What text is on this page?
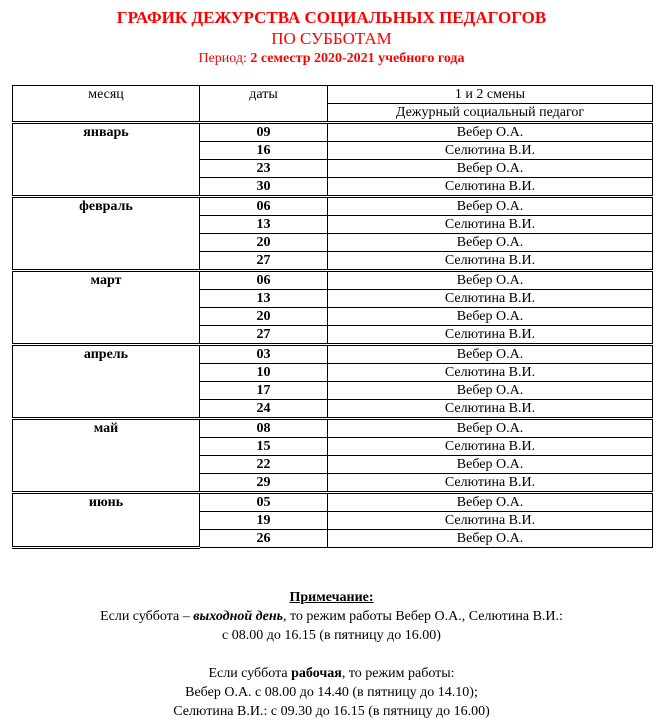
ГРАФИК ДЕЖУРСТВА СОЦИАЛЬНЫХ ПЕДАГОГОВ
ПО СУББОТАМ
Период: 2 семестр 2020-2021 учебного года
месяц	даты	1 и 2 смены
		Дежурный социальный педагог
январь	09	Вебер О.А.
	16	Селютина В.И.
	23	Вебер О.А.
	30	Селютина В.И.
февраль	06	Вебер О.А.
	13	Селютина В.И.
	20	Вебер О.А.
	27	Селютина В.И.
март	06	Вебер О.А.
	13	Селютина В.И.
	20	Вебер О.А.
	27	Селютина В.И.
апрель	03	Вебер О.А.
	10	Селютина В.И.
	17	Вебер О.А.
	24	Селютина В.И.
май	08	Вебер О.А.
	15	Селютина В.И.
	22	Вебер О.А.
	29	Селютина В.И.
июнь	05	Вебер О.А.
	19	Селютина В.И.
	26	Вебер О.А.
Примечание:
Если суббота – выходной день, то режим работы Вебер О.А., Селютина В.И.:
с 08.00 до 16.15 (в пятницу до 16.00)
Если суббота рабочая, то режим работы:
Вебер О.А. с 08.00 до 14.40 (в пятницу до 14.10);
Селютина В.И.: с 09.30 до 16.15 (в пятницу до 16.00)
